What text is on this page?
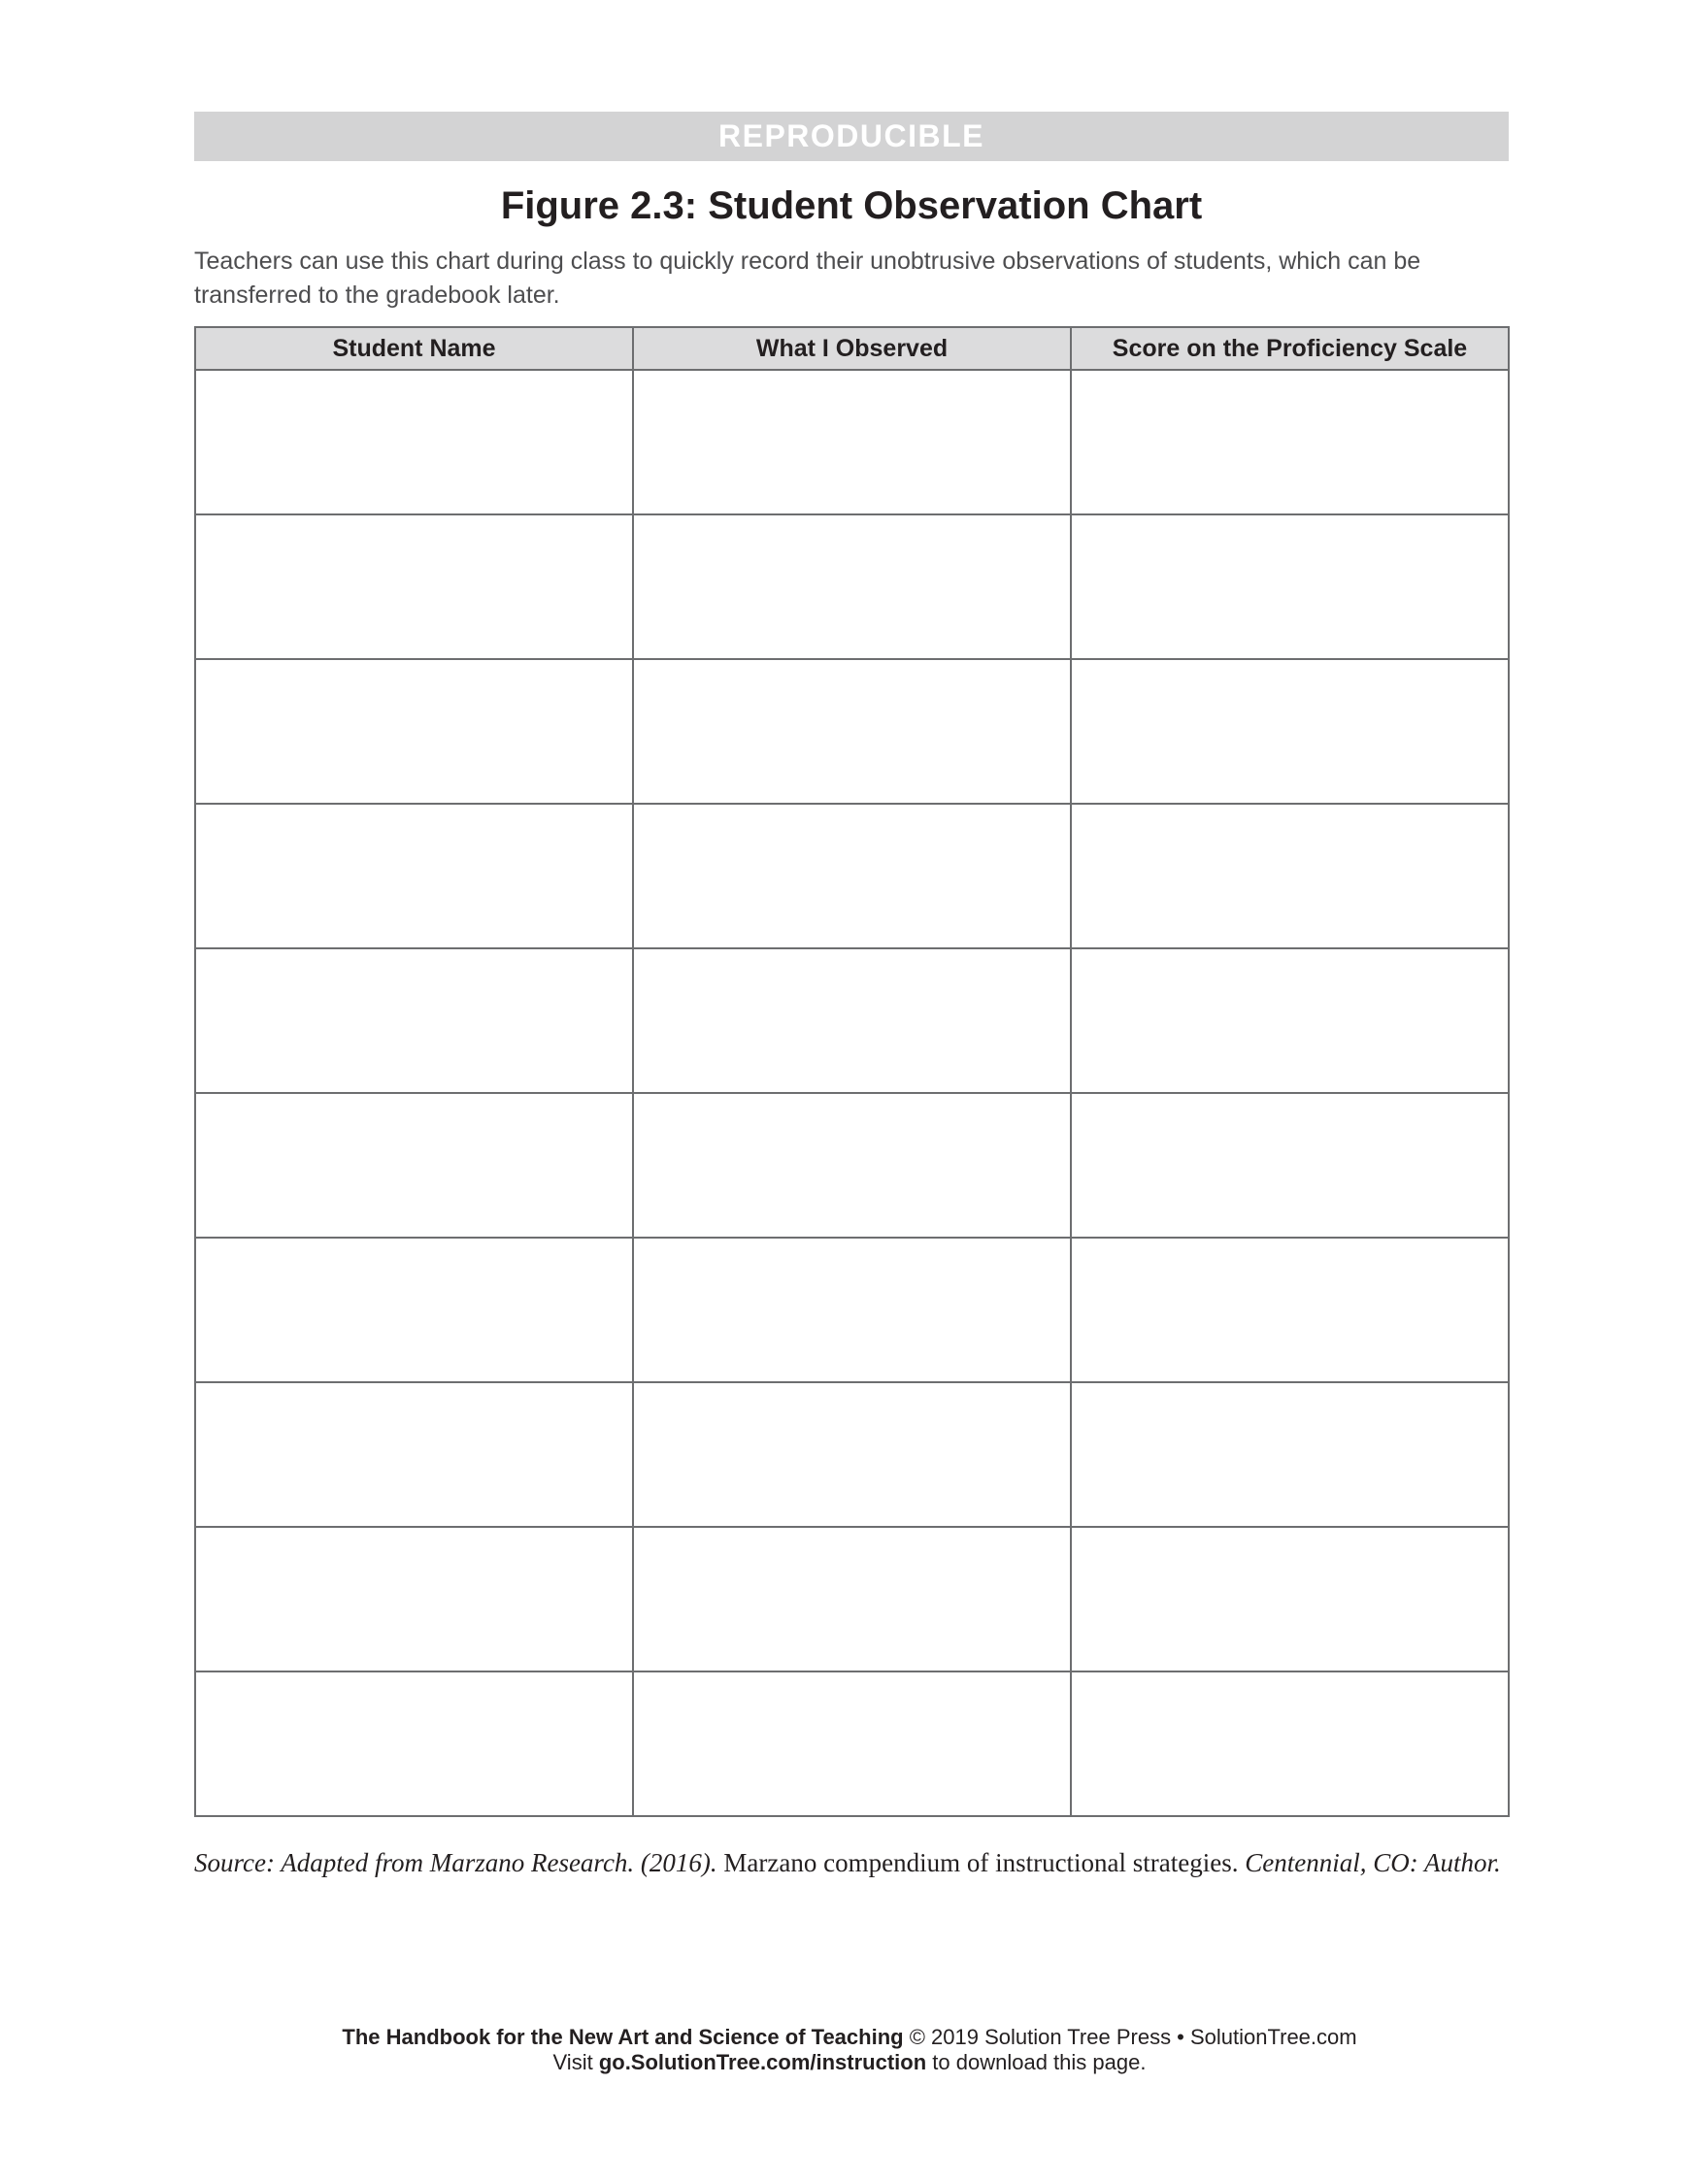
REPRODUCIBLE
Figure 2.3: Student Observation Chart
Teachers can use this chart during class to quickly record their unobtrusive observations of students, which can be transferred to the gradebook later.
Student Name	What I Observed	Score on the Proficiency Scale

Source: Adapted from Marzano Research. (2016). Marzano compendium of instructional strategies. Centennial, CO: Author.
The Handbook for the New Art and Science of Teaching © 2019 Solution Tree Press • SolutionTree.com
Visit go.SolutionTree.com/instruction to download this page.
